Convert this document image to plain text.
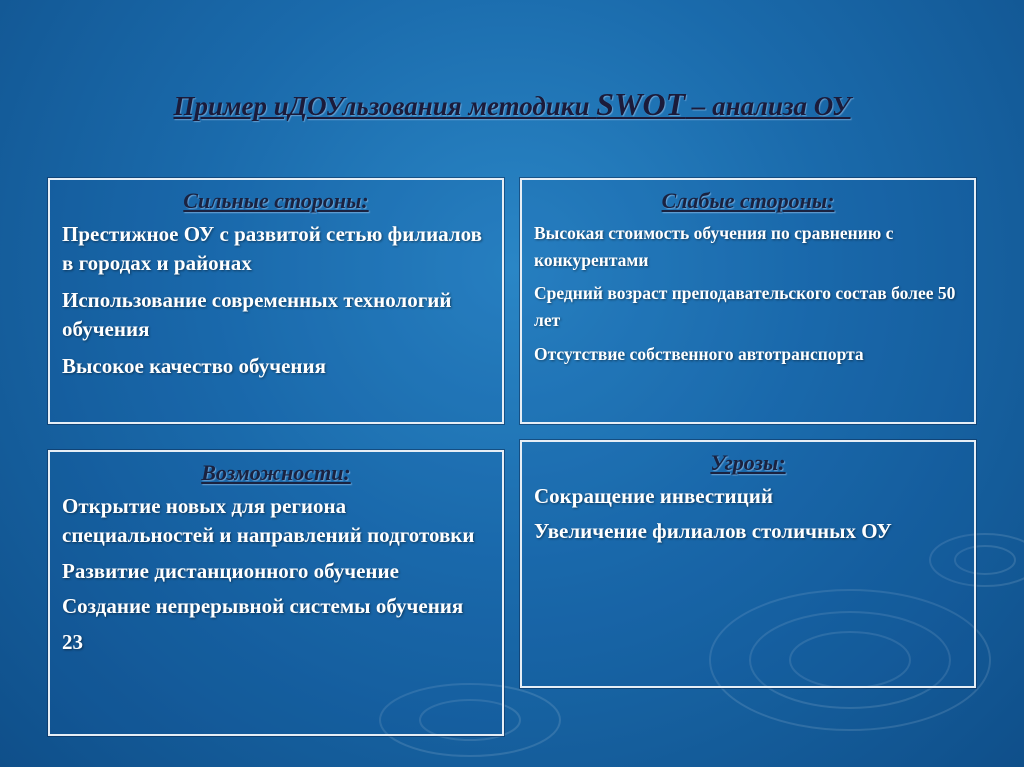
Пример иДОУльзования методики SWOT – анализа ОУ
Сильные стороны:

Престижное ОУ с развитой сетью филиалов в городах и районах

Использование современных технологий обучения

Высокое качество обучения

Слабые стороны:

Высокая стоимость обучения по сравнению с конкурентами

Средний возраст преподавательского состав более 50 лет

Отсутствие собственного автотранспорта

Возможности:

Открытие новых для региона специальностей и направлений подготовки

Развитие дистанционного обучение

Создание непрерывной системы обучения

23

Угрозы:

Сокращение инвестиций

Увеличение филиалов столичных ОУ
